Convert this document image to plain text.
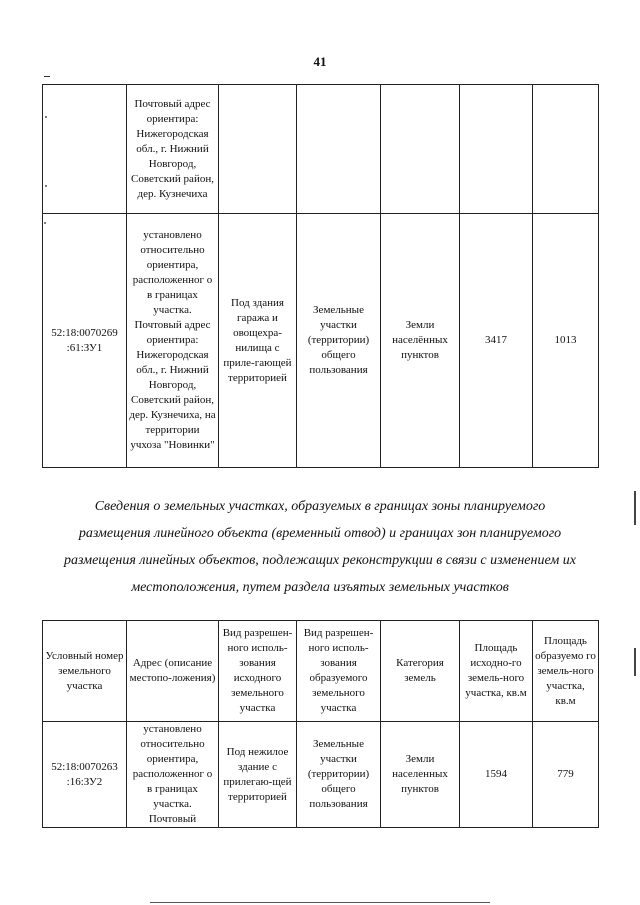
41
	Почтовый адрес ориентира: Нижегородская обл., г. Нижний Новгород, Советский район, дер. Кузнечиха					
52:18:0070269 :61:ЗУ1	установлено относительно ориентира, расположенног о в границах участка. Почтовый адрес ориентира: Нижегородская обл., г. Нижний Новгород, Советский район, дер. Кузнечиха, на территории учхоза "Новинки"	Под здания гаража и овощехра-нилища с приле-гающей территорией	Земельные участки (территории) общего пользования	Земли населённых пунктов	3417	1013

Сведения о земельных участках, образуемых в границах зоны планируемого размещения линейного объекта (временный отвод) и границах зон планируемого размещения линейных объектов, подлежащих реконструкции в связи с изменением их местоположения, путем раздела изъятых земельных участков

Условный номер земельного участка	Адрес (описание местопо-ложения)	Вид разрешен-ного исполь-зования исходного земельного участка	Вид разрешен-ного исполь-зования образуемого земельного участка	Категория земель	Площадь исходно-го земель-ного участка, кв.м	Площадь образуемо го земель-ного участка, кв.м
52:18:0070263 :16:ЗУ2	установлено относительно ориентира, расположенног о в границах участка. Почтовый	Под нежилое здание с прилегаю-щей территорией	Земельные участки (территории) общего пользования	Земли населенных пунктов	1594	779
